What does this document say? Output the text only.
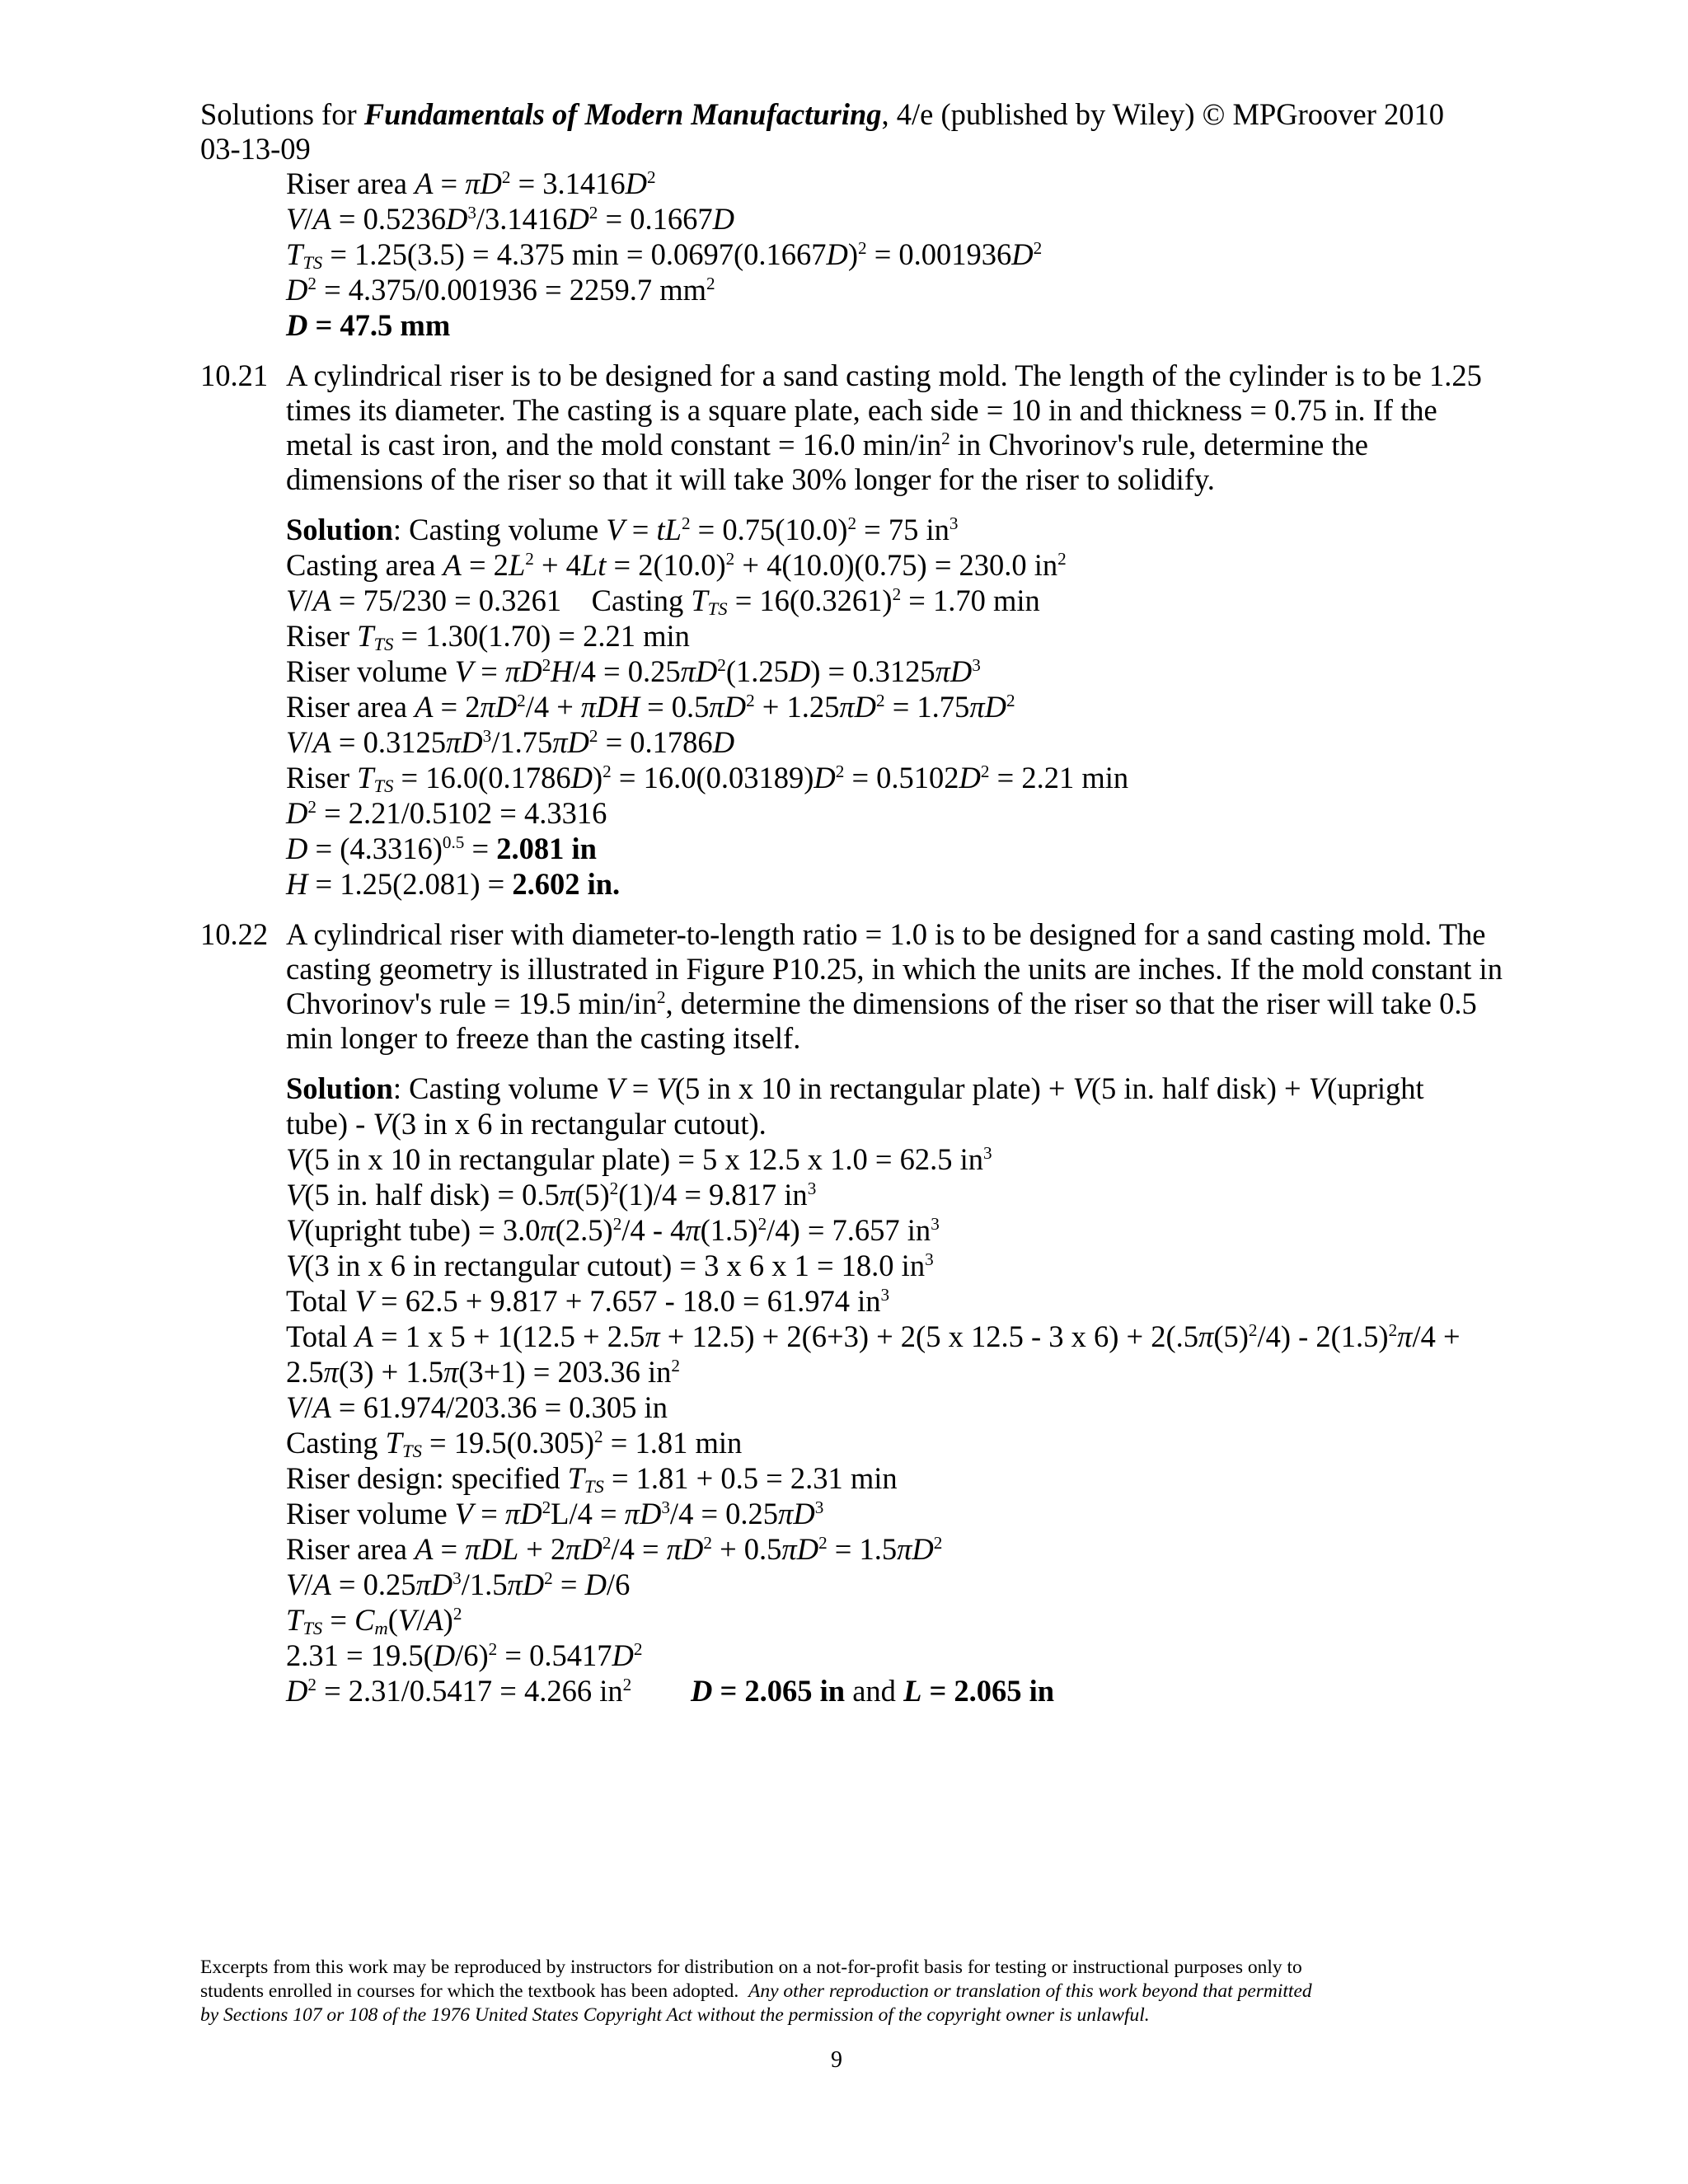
Solutions for Fundamentals of Modern Manufacturing, 4/e (published by Wiley) © MPGroover 2010
03-13-09
Riser area $A = \pi D^2 = 3.1416D^2$
$V/A = 0.5236D^3/3.1416D^2 = 0.1667D$
$T_{TS} = 1.25(3.5) = 4.375$ $\min = 0.0697(0.1667D)^2 = 0.001936D^2$
$D^2 = 4.375/0.001936 = 2259.7$ $mm^2$
D = 47.5 mm
10.21 A cylindrical riser is to be designed for a sand casting mold. The length of the cylinder is to be 1.25
times its diameter. The casting is a square plate, each side = 10 in and thickness = 0.75 in. If the
metal is cast iron, and the mold constant = 16.0 $\min/in^2$ in Chvorinov's rule, determine the
dimensions of the riser so that it will take 30% longer for the riser to solidify.
Solution: Casting volume $V = tL^2 = 0.75(10.0)^2 = 75$ $in^3$
Casting area $A = 2L^2 + 4Lt = 2(10.0)^2 + 4(10.0)(0.75) = 230.0$ $in^2$
V/A = 75/230 = 0.3261    Casting $T_{TS} = 16(0.3261)^2 = 1.70$ min
Riser $T_{TS} = 1.30(1.70) = 2.21$ min
Riser volume $V = \pi D^2H/4 = 0.25\pi D^2(1.25D) = 0.3125\pi D^3$
Riser area $A = 2\pi D^2/4 + \pi DH = 0.5\pi D^2 + 1.25\pi D^2 = 1.75\pi D^2$
$V/A = 0.3125\pi D^3/1.75\pi D^2 = 0.1786D$
Riser $T_{TS} = 16.0(0.1786D)^2 = 16.0(0.03189)D^2 = 0.5102D^2 = 2.21$ min
$D^2 = 2.21/0.5102 = 4.3316$
$D = (4.3316)^{0.5} = 2.081$ in
H = 1.25(2.081) = 2.602 in.
10.22 A cylindrical riser with diameter-to-length ratio = 1.0 is to be designed for a sand casting mold. The
casting geometry is illustrated in Figure P10.25, in which the units are inches. If the mold constant in
Chvorinov's rule = 19.5 $\min/in^2$, determine the dimensions of the riser so that the riser will take 0.5
min longer to freeze than the casting itself.
Solution: Casting volume V = V(5 in x 10 in rectangular plate) + V(5 in. half disk) + V(upright
tube) - V(3 in x 6 in rectangular cutout).
V(5 in x 10 in rectangular plate) = 5 x 12.5 x 1.0 = 62.5 $in^3$
V(5 in. half disk) = $0.5\pi(5)^2(1)/4 = 9.817$ $in^3$
V(upright tube) = $3.0\pi(2.5)^2/4 - 4\pi(1.5)^2/4) = 7.657$ $in^3$
V(3 in x 6 in rectangular cutout) = 3 x 6 x 1 = 18.0 $in^3$
Total V = 62.5 + 9.817 + 7.657 - 18.0 = 61.974 $in^3$
Total A = 1 x 5 + 1(12.5 + 2.5π + 12.5) + 2(6+3) + 2(5 x 12.5 - 3 x $6) + 2(.5\pi(5)^2/4) - 2(1.5)^2\pi/4$ +
2.5π(3) + 1.5π(3+1) = 203.36 $in^2$
V/A = 61.974/203.36 = 0.305 in
Casting $T_{TS} = 19.5(0.305)^2 = 1.81$ min
Riser design: specified $T_{TS} = 1.81 + 0.5 = 2.31$ min
Riser volume $V = \pi D^2L/4 = \pi D^3/4 = 0.25\pi D^3$
Riser area $A = \pi DL + 2\pi D^2/4 = \pi D^2 + 0.5\pi D^2 = 1.5\pi D^2$
$V/A = 0.25\pi D^3/1.5\pi D^2 = D/6$
$T_{TS} = C_m(V/A)^2$
$2.31 = 19.5(D/6)^2 = 0.5417D^2$
$D^2 = 2.31/0.5417 = 4.266$ $in^2$ D = 2.065 in and L = 2.065 in
Excerpts from this work may be reproduced by instructors for distribution on a not-for-profit basis for testing or instructional purposes only to
students enrolled in courses for which the textbook has been adopted. Any other reproduction or translation of this work beyond that permitted
by Sections 107 or 108 of the 1976 United States Copyright Act without the permission of the copyright owner is unlawful.
9
